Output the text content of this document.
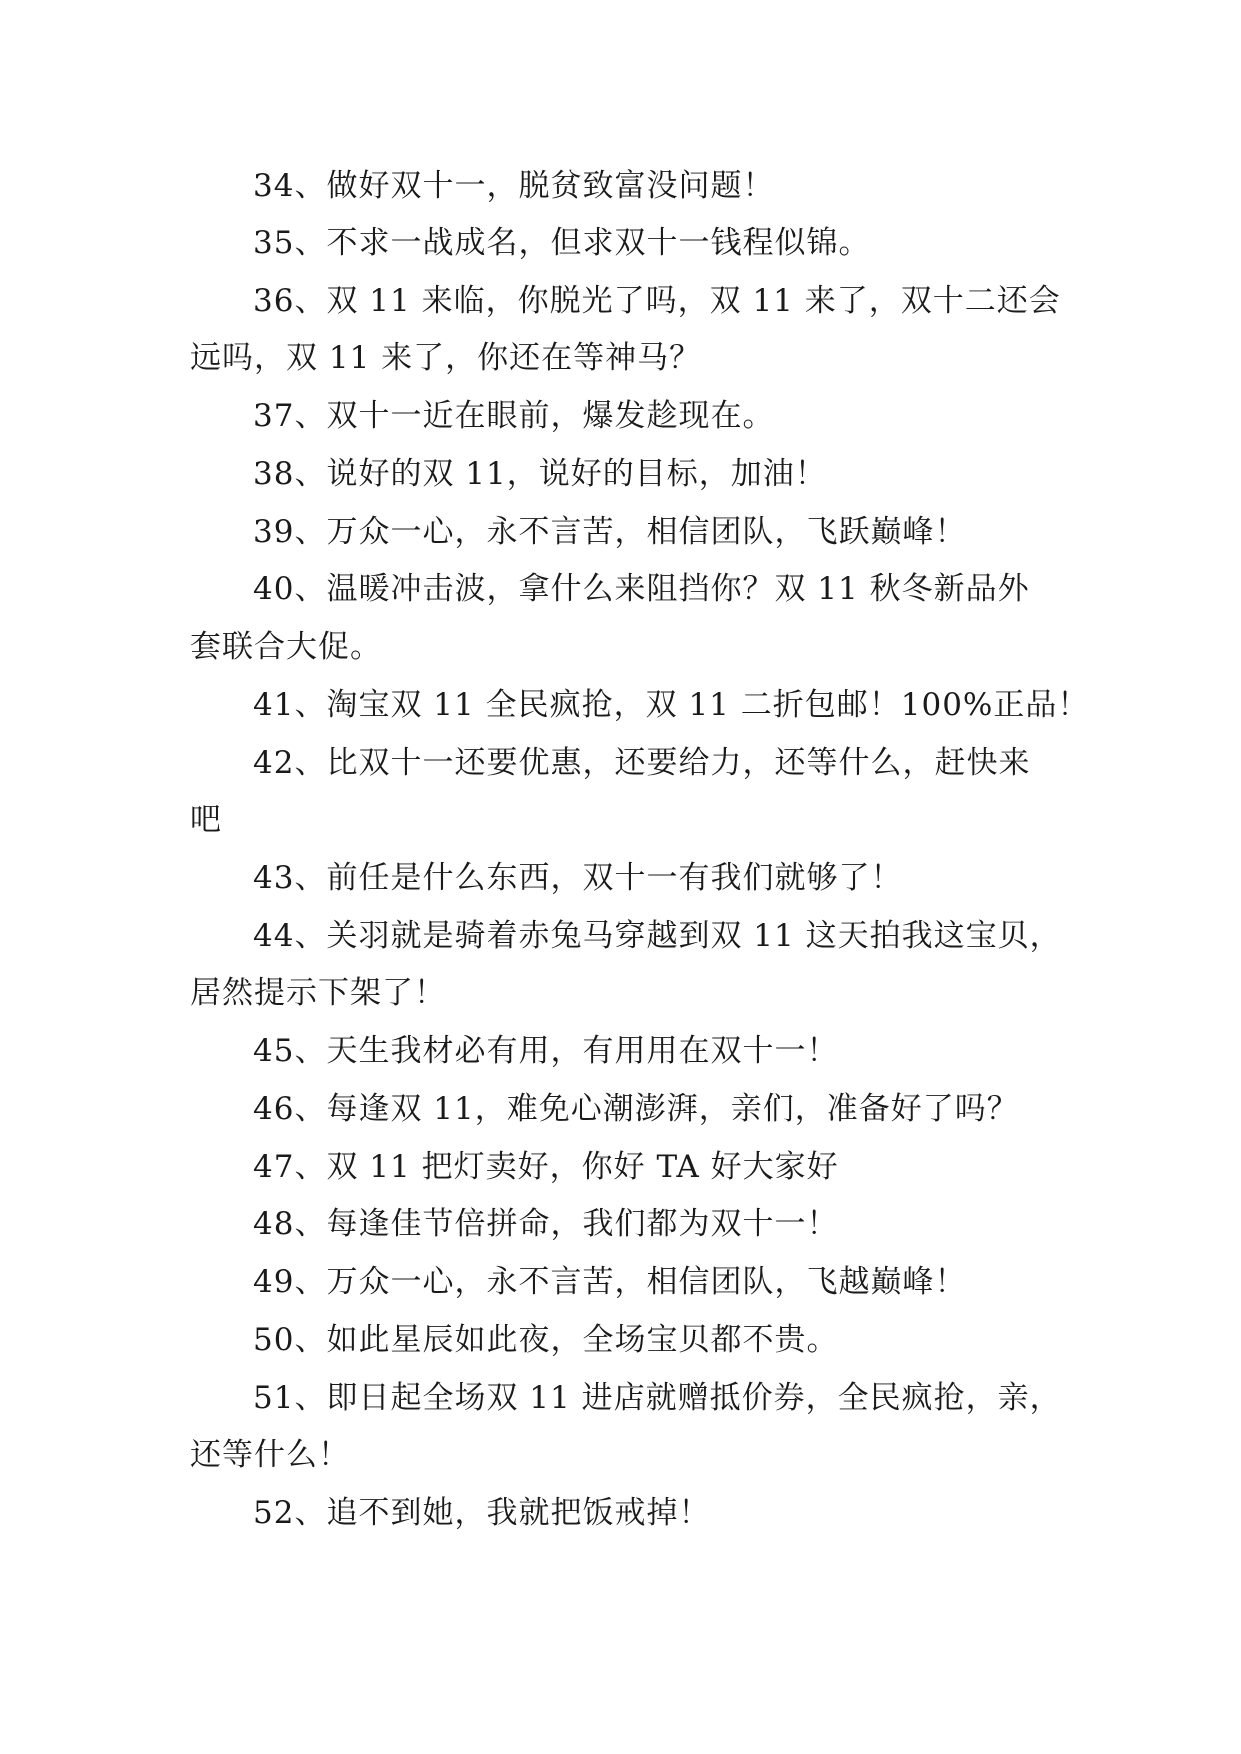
34、做好双十一，脱贫致富没问题！
35、不求一战成名，但求双十一钱程似锦。
36、双 11 来临，你脱光了吗，双 11 来了，双十二还会
远吗，双 11 来了，你还在等神马？
37、双十一近在眼前，爆发趁现在。
38、说好的双 11，说好的目标，加油！
39、万众一心，永不言苦，相信团队，飞跃巅峰！
40、温暖冲击波，拿什么来阻挡你？双 11 秋冬新品外
套联合大促。
41、淘宝双 11 全民疯抢，双 11 二折包邮！100%正品！
42、比双十一还要优惠，还要给力，还等什么，赶快来
吧
43、前任是什么东西，双十一有我们就够了！
44、关羽就是骑着赤兔马穿越到双 11 这天拍我这宝贝，
居然提示下架了！
45、天生我材必有用，有用用在双十一！
46、每逢双 11，难免心潮澎湃，亲们，准备好了吗？
47、双 11 把灯卖好，你好 TA 好大家好
48、每逢佳节倍拼命，我们都为双十一！
49、万众一心，永不言苦，相信团队，飞越巅峰！
50、如此星辰如此夜，全场宝贝都不贵。
51、即日起全场双 11 进店就赠抵价券，全民疯抢，亲，
还等什么！
52、追不到她，我就把饭戒掉！
